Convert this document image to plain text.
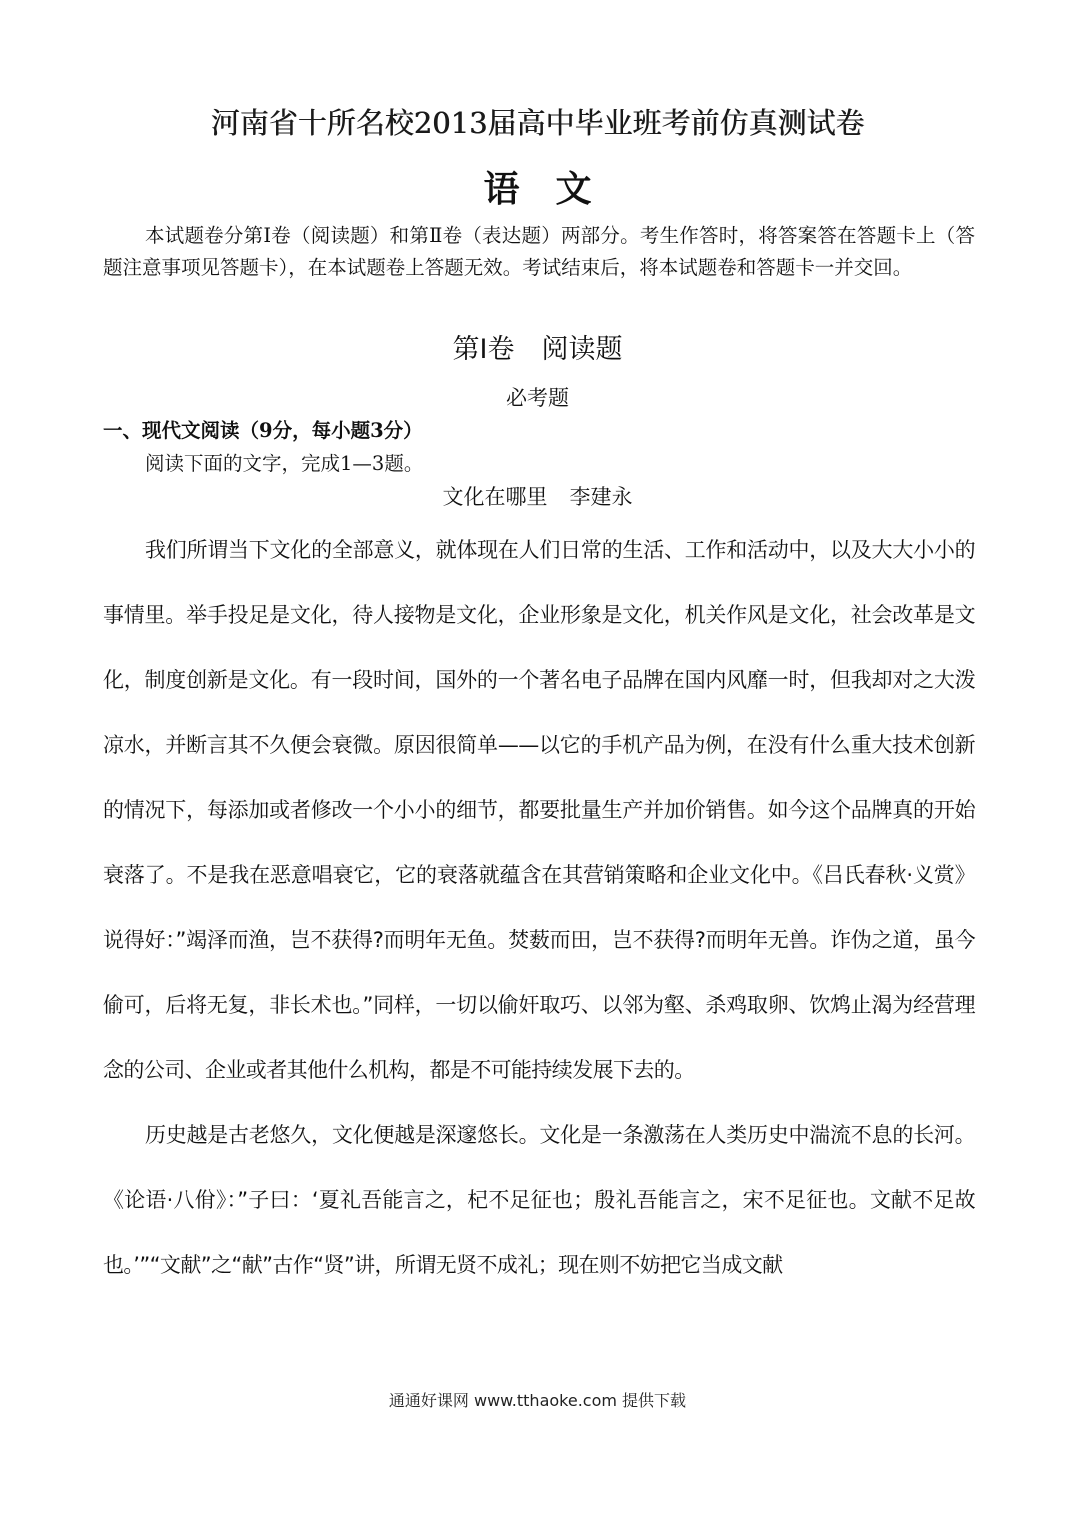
河南省十所名校2013届高中毕业班考前仿真测试卷
语文
本试题卷分第Ⅰ卷（阅读题）和第Ⅱ卷（表达题）两部分。考生作答时，将答案答在答题卡上（答题注意事项见答题卡），在本试题卷上答题无效。考试结束后，将本试题卷和答题卡一并交回。
第Ⅰ卷　阅读题
必考题
一、现代文阅读（9分，每小题3分）
阅读下面的文字，完成1—3题。
文化在哪里 李建永

我们所谓当下文化的全部意义，就体现在人们日常的生活、工作和活动中，以及大大小小的事情里。举手投足是文化，待人接物是文化，企业形象是文化，机关作风是文化，社会改革是文化，制度创新是文化。有一段时间，国外的一个著名电子品牌在国内风靡一时，但我却对之大泼凉水，并断言其不久便会衰微。原因很简单——以它的手机产品为例，在没有什么重大技术创新的情况下，每添加或者修改一个小小的细节，都要批量生产并加价销售。如今这个品牌真的开始衰落了。不是我在恶意唱衰它，它的衰落就蕴含在其营销策略和企业文化中。《吕氏春秋·义赏》说得好：”竭泽而渔，岂不获得?而明年无鱼。焚薮而田，岂不获得?而明年无兽。诈伪之道，虽今偷可，后将无复，非长术也。”同样，一切以偷奸取巧、以邻为壑、杀鸡取卵、饮鸩止渴为经营理念的公司、企业或者其他什么机构，都是不可能持续发展下去的。

历史越是古老悠久，文化便越是深邃悠长。文化是一条激荡在人类历史中湍流不息的长河。《论语·八佾》：”子曰：‘夏礼吾能言之，杞不足征也；殷礼吾能言之，宋不足征也。文献不足故也。’”“文献”之“献”古作“贤”讲，所谓无贤不成礼；现在则不妨把它当成文献

通通好课网 www.tthaoke.com 提供下载
